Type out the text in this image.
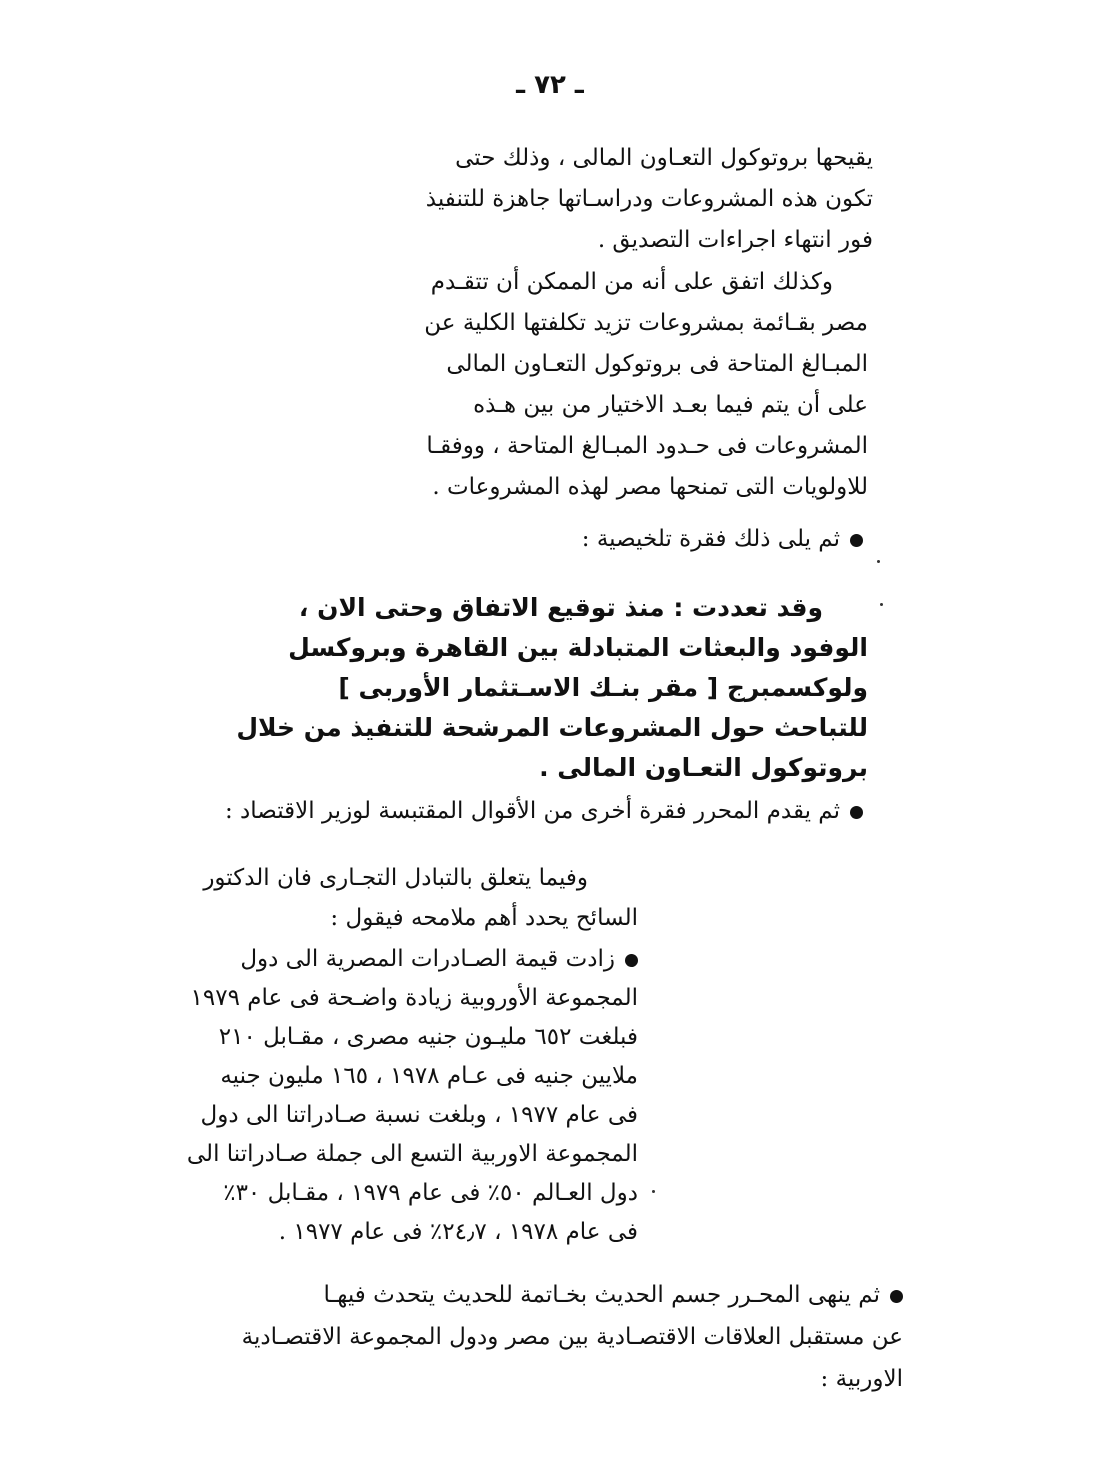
ـ ٧٢ ـ
يقيحها بروتوكول التعـاون المالى ، وذلك حتى
تكون هذه المشروعات ودراسـاتها جاهزة للتنفيذ
فور انتهاء اجراءات التصديق .
وكذلك اتفق على أنه من الممكن أن تتقـدم
مصر بقـائمة بمشروعات تزيد تكلفتها الكلية عن
المبـالغ المتاحة فى بروتوكول التعـاون المالى
على أن يتم فيما بعـد الاختيار من بين هـذه
المشروعات فى حـدود المبـالغ المتاحة ، ووفقـا
للاولويات التى تمنحها مصر لهذه المشروعات .
ثم يلى ذلك فقرة تلخيصية :
وقد تعددت : منذ توقيع الاتفاق وحتى الان ،
الوفود والبعثات المتبادلة بين القاهرة وبروكسل
ولوكسمبرج [ مقر بنـك الاسـتثمار الأوربى ]
للتباحث حول المشروعات المرشحة للتنفيذ من خلال
بروتوكول التعـاون المالى .
ثم يقدم المحرر فقرة أخرى من الأقوال المقتبسة لوزير الاقتصاد :
وفيما يتعلق بالتبادل التجـارى فان الدكتور
السائح يحدد أهم ملامحه فيقول :
زادت قيمة الصـادرات المصرية الى دول
المجموعة الأوروبية زيادة واضـحة فى عام ١٩٧٩
فبلغت ٦٥٢ مليـون جنيه مصرى ، مقـابل ٢١٠
ملايين جنيه فى عـام ١٩٧٨ ، ١٦٥ مليون جنيه
فى عام ١٩٧٧ ، وبلغت نسبة صـادراتنا الى دول
المجموعة الاوربية التسع الى جملة صـادراتنا الى
دول العـالم ٥٠٪ فى عام ١٩٧٩ ، مقـابل ٣٠٪
فى عام ١٩٧٨ ، ٢٤٫٧٪ فى عام ١٩٧٧ .
ثم ينهى المحـرر جسم الحديث بخـاتمة للحديث يتحدث فيهـا
عن مستقبل العلاقات الاقتصـادية بين مصر ودول المجموعة الاقتصـادية
الاوربية :
